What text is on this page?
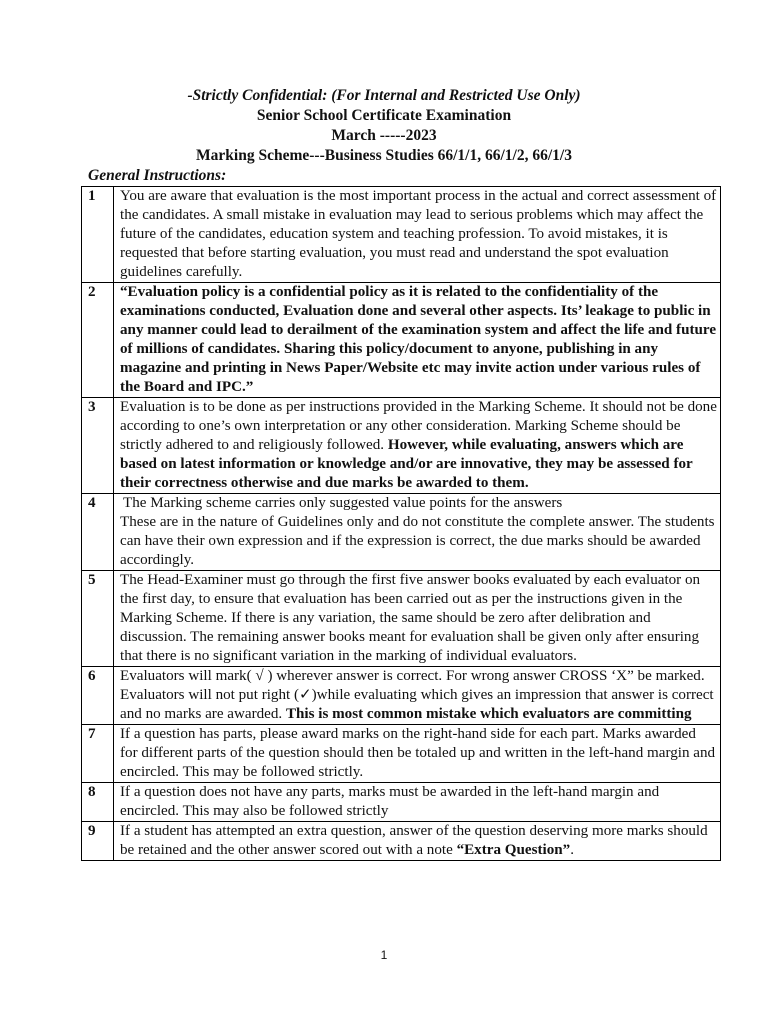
-Strictly Confidential: (For Internal and Restricted Use Only)
Senior School Certificate Examination
March -----2023
Marking Scheme---Business Studies 66/1/1, 66/1/2, 66/1/3
General Instructions:
1	You are aware that evaluation is the most important process in the actual and correct assessment of the candidates. A small mistake in evaluation may lead to serious problems which may affect the future of the candidates, education system and teaching profession. To avoid mistakes, it is requested that before starting evaluation, you must read and understand the spot evaluation guidelines carefully.
2	“Evaluation policy is a confidential policy as it is related to the confidentiality of the examinations conducted, Evaluation done and several other aspects. Its’ leakage to public in any manner could lead to derailment of the examination system and affect the life and future of millions of candidates. Sharing this policy/document to anyone, publishing in any magazine and printing in News Paper/Website etc may invite action under various rules of the Board and IPC.”
3	Evaluation is to be done as per instructions provided in the Marking Scheme. It should not be done according to one’s own interpretation or any other consideration. Marking Scheme should be strictly adhered to and religiously followed. However, while evaluating, answers which are based on latest information or knowledge and/or are innovative, they may be assessed for their correctness otherwise and due marks be awarded to them.
4	The Marking scheme carries only suggested value points for the answers
These are in the nature of Guidelines only and do not constitute the complete answer. The students can have their own expression and if the expression is correct, the due marks should be awarded accordingly.

5	The Head-Examiner must go through the first five answer books evaluated by each evaluator on the first day, to ensure that evaluation has been carried out as per the instructions given in the Marking Scheme. If there is any variation, the same should be zero after delibration and discussion. The remaining answer books meant for evaluation shall be given only after ensuring that there is no significant variation in the marking of individual evaluators.
6	Evaluators will mark( √ ) wherever answer is correct. For wrong answer CROSS ‘X” be marked. Evaluators will not put right (✓)while evaluating which gives an impression that answer is correct and no marks are awarded. This is most common mistake which evaluators are committing
7	If a question has parts, please award marks on the right-hand side for each part. Marks awarded for different parts of the question should then be totaled up and written in the left-hand margin and encircled. This may be followed strictly.
8	If a question does not have any parts, marks must be awarded in the left-hand margin and encircled. This may also be followed strictly
9	If a student has attempted an extra question, answer of the question deserving more marks should be retained and the other answer scored out with a note “Extra Question”.
1
